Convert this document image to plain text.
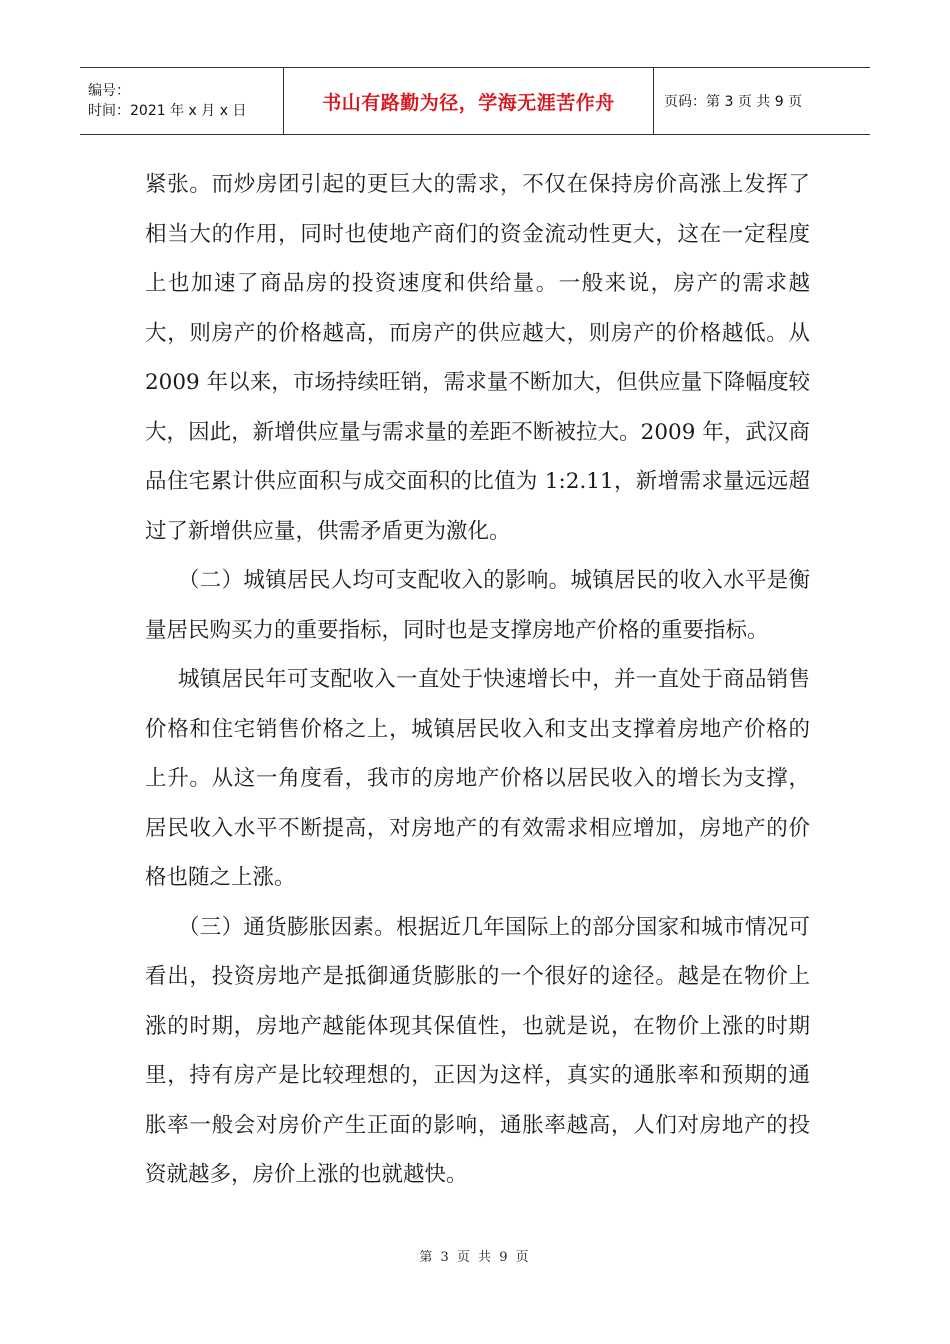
编号：
时间：2021 年 x 月 x 日	书山有路勤为径，学海无涯苦作舟	页码：第 3 页 共 9 页

紧张。而炒房团引起的更巨大的需求，不仅在保持房价高涨上发挥了相当大的作用，同时也使地产商们的资金流动性更大，这在一定程度上也加速了商品房的投资速度和供给量。一般来说，房产的需求越大，则房产的价格越高，而房产的供应越大，则房产的价格越低。从 2009 年以来，市场持续旺销，需求量不断加大，但供应量下降幅度较大，因此，新增供应量与需求量的差距不断被拉大。2009 年，武汉商品住宅累计供应面积与成交面积的比值为 1:2.11，新增需求量远远超过了新增供应量，供需矛盾更为激化。

（二）城镇居民人均可支配收入的影响。城镇居民的收入水平是衡量居民购买力的重要指标，同时也是支撑房地产价格的重要指标。

城镇居民年可支配收入一直处于快速增长中，并一直处于商品销售价格和住宅销售价格之上，城镇居民收入和支出支撑着房地产价格的上升。从这一角度看，我市的房地产价格以居民收入的增长为支撑，居民收入水平不断提高，对房地产的有效需求相应增加，房地产的价格也随之上涨。

（三）通货膨胀因素。根据近几年国际上的部分国家和城市情况可看出，投资房地产是抵御通货膨胀的一个很好的途径。越是在物价上涨的时期，房地产越能体现其保值性，也就是说，在物价上涨的时期里，持有房产是比较理想的，正因为这样，真实的通胀率和预期的通胀率一般会对房价产生正面的影响，通胀率越高，人们对房地产的投资就越多，房价上涨的也就越快。

第 3 页 共 9 页
